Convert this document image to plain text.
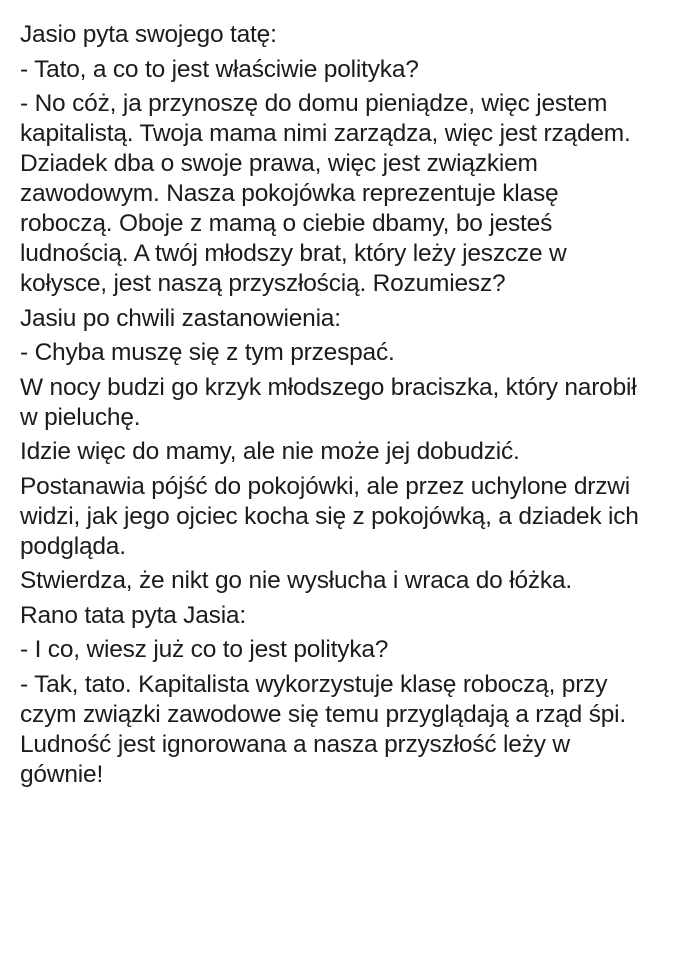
Jasio pyta swojego tatę:

- Tato, a co to jest właściwie polityka?

- No cóż, ja przynoszę do domu pieniądze, więc jestem kapitalistą. Twoja mama nimi zarządza, więc jest rządem. Dziadek dba o swoje prawa, więc jest związkiem zawodowym. Nasza pokojówka reprezentuje klasę roboczą. Oboje z mamą o ciebie dbamy, bo jesteś ludnością. A twój młodszy brat, który leży jeszcze w kołysce, jest naszą przyszłością. Rozumiesz?

Jasiu po chwili zastanowienia:

- Chyba muszę się z tym przespać.

W nocy budzi go krzyk młodszego braciszka, który narobił w pieluchę.

Idzie więc do mamy, ale nie może jej dobudzić.

Postanawia pójść do pokojówki, ale przez uchylone drzwi widzi, jak jego ojciec kocha się z pokojówką, a dziadek ich podgląda.

Stwierdza, że nikt go nie wysłucha i wraca do łóżka.

Rano tata pyta Jasia:

- I co, wiesz już co to jest polityka?

- Tak, tato. Kapitalista wykorzystuje klasę roboczą, przy czym związki zawodowe się temu przyglądają a rząd śpi. Ludność jest ignorowana a nasza przyszłość leży w gównie!
